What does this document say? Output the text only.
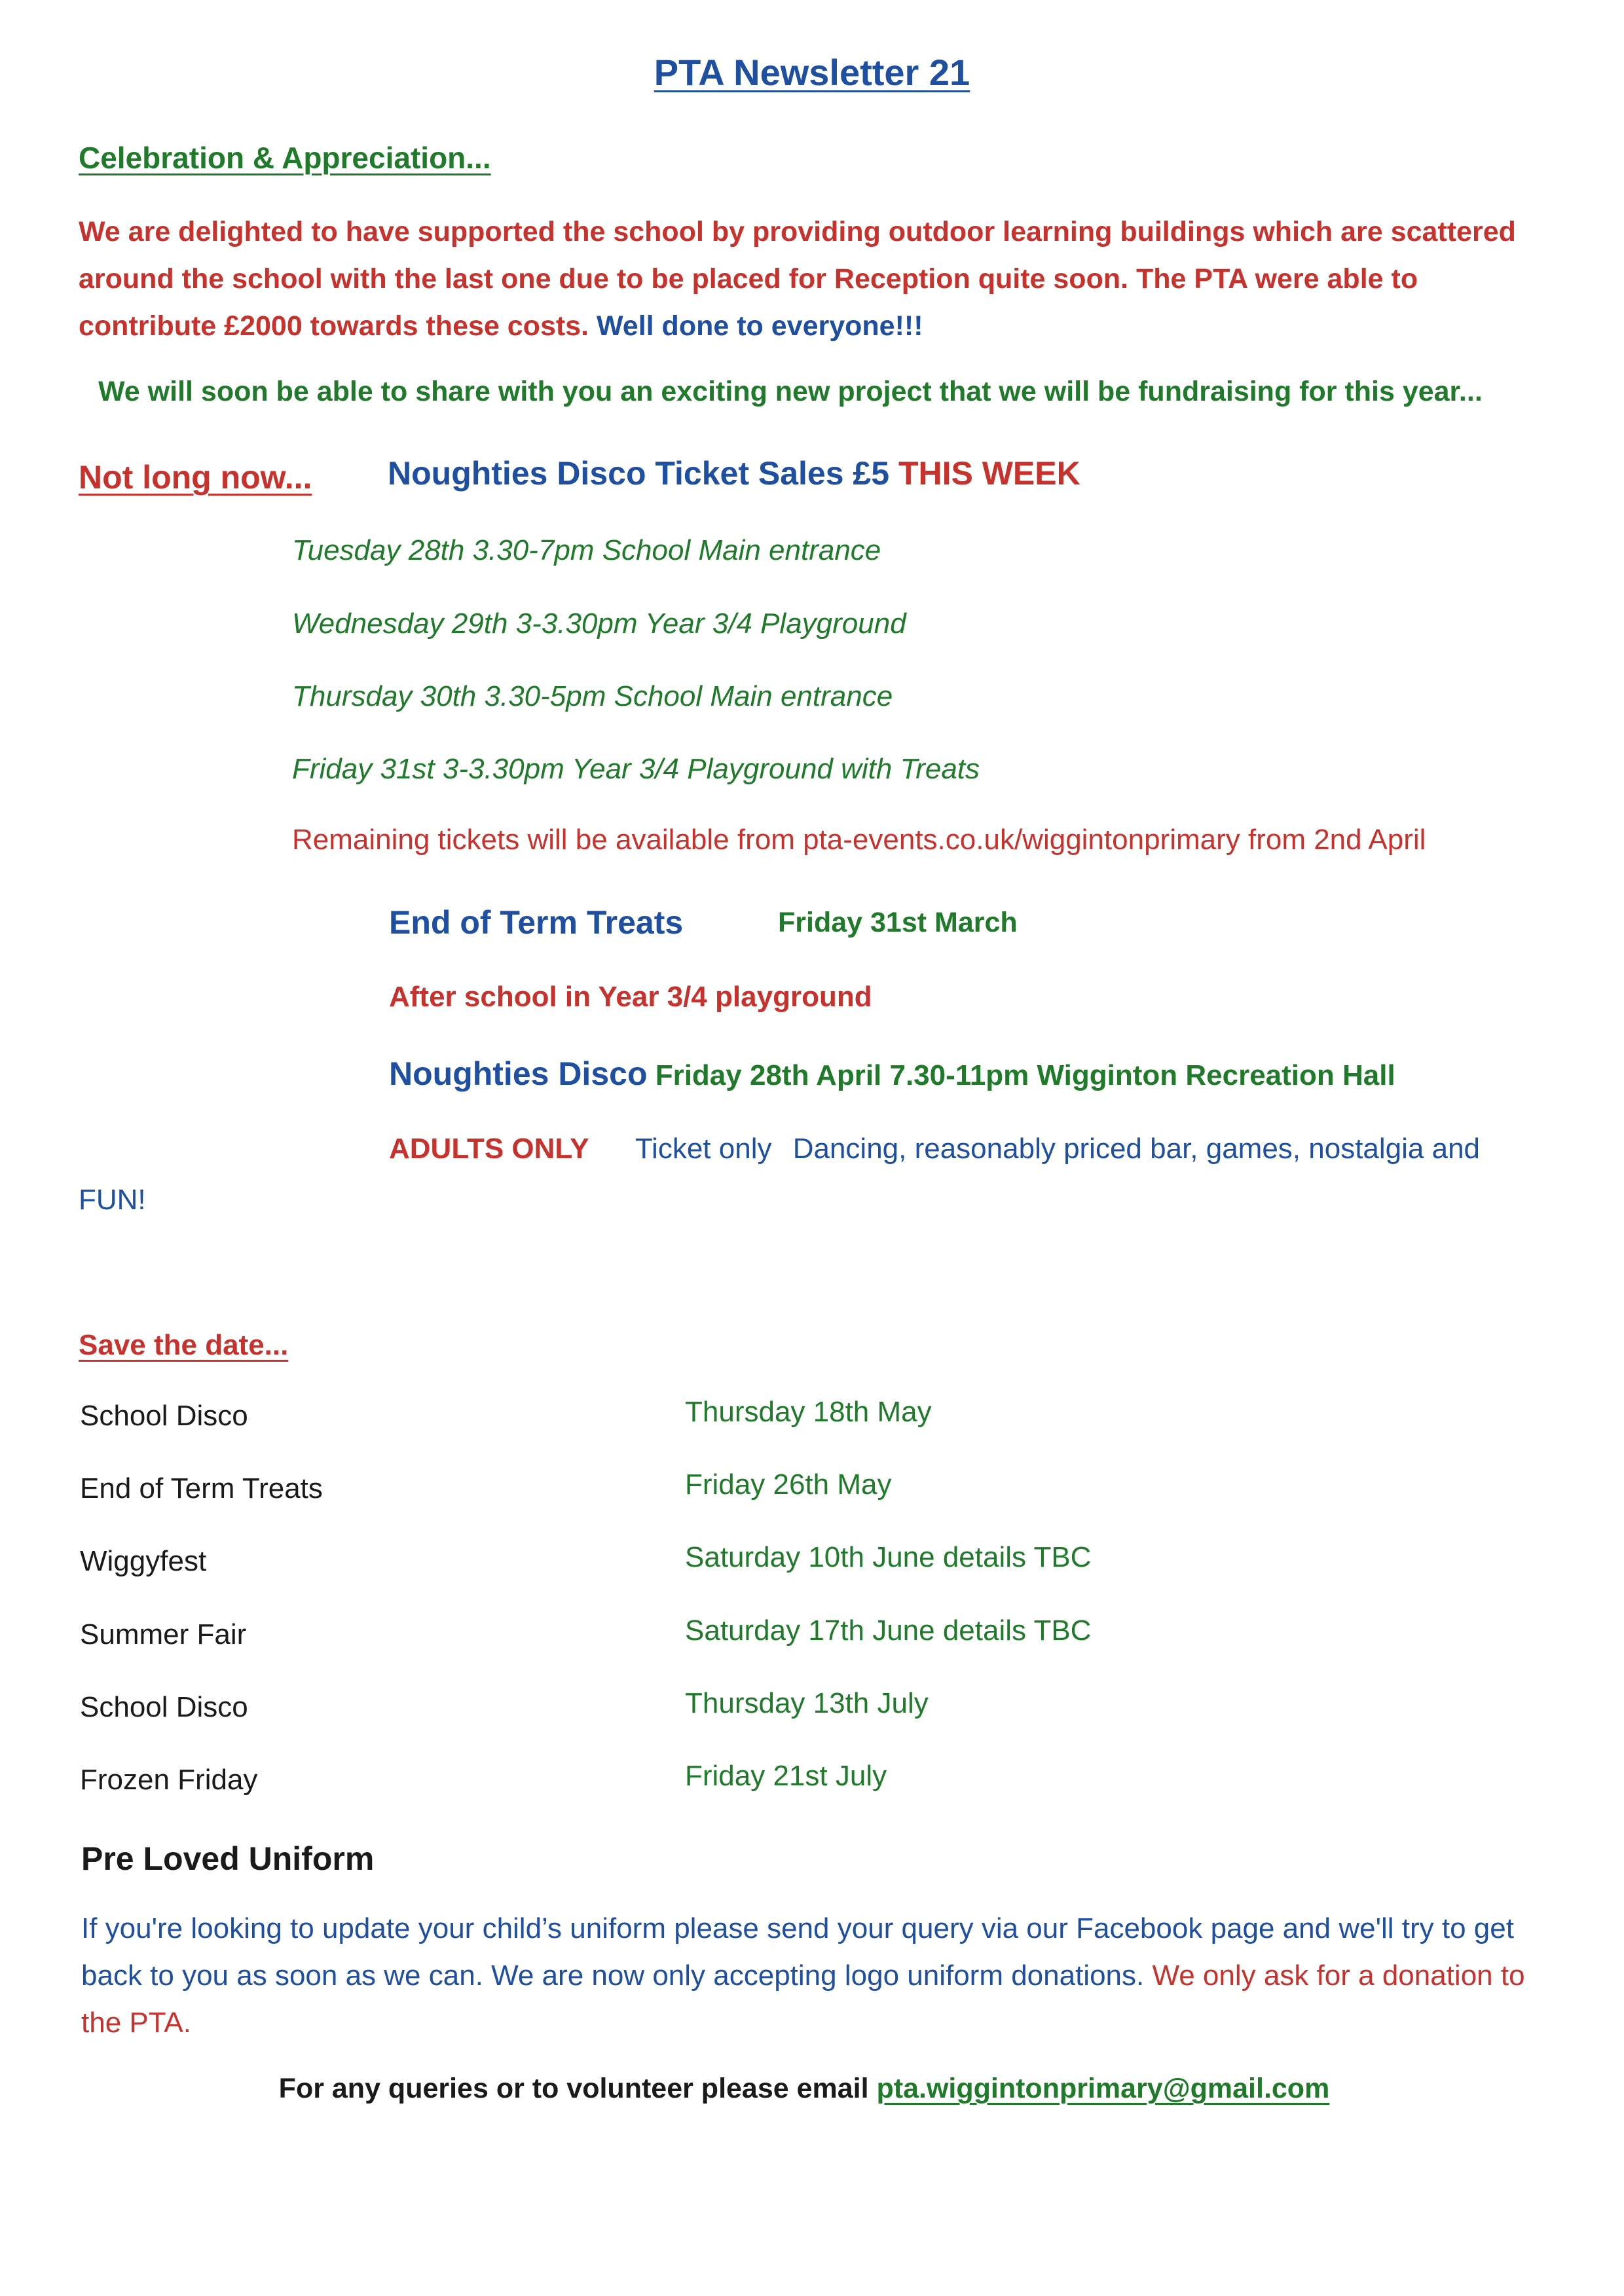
PTA Newsletter 21
Celebration & Appreciation...
We are delighted to have supported the school by providing outdoor learning buildings which are scattered around the school with the last one due to be placed for Reception quite soon. The PTA were able to contribute £2000 towards these costs. Well done to everyone!!!
We will soon be able to share with you an exciting new project that we will be fundraising for this year...
Not long now... Noughties Disco Ticket Sales £5 THIS WEEK
Tuesday 28th 3.30-7pm School Main entrance
Wednesday 29th 3-3.30pm Year 3/4 Playground
Thursday 30th 3.30-5pm School Main entrance
Friday 31st 3-3.30pm Year 3/4 Playground with Treats
Remaining tickets will be available from pta-events.co.uk/wiggintonprimary from 2nd April
End of Term Treats	Friday 31st March
After school in Year 3/4 playground
Noughties Disco Friday 28th April 7.30-11pm Wigginton Recreation Hall
ADULTS ONLY Ticket only Dancing, reasonably priced bar, games, nostalgia and
FUN!
Save the date...
School Disco	Thursday 18th May
End of Term Treats	Friday 26th May
Wiggyfest	Saturday 10th June details TBC
Summer Fair	Saturday 17th June details TBC
School Disco	Thursday 13th July
Frozen Friday	Friday 21st July
Pre Loved Uniform
If you're looking to update your child’s uniform please send your query via our Facebook page and we'll try to get back to you as soon as we can. We are now only accepting logo uniform donations. We only ask for a donation to the PTA.
For any queries or to volunteer please email pta.wiggintonprimary@gmail.com
